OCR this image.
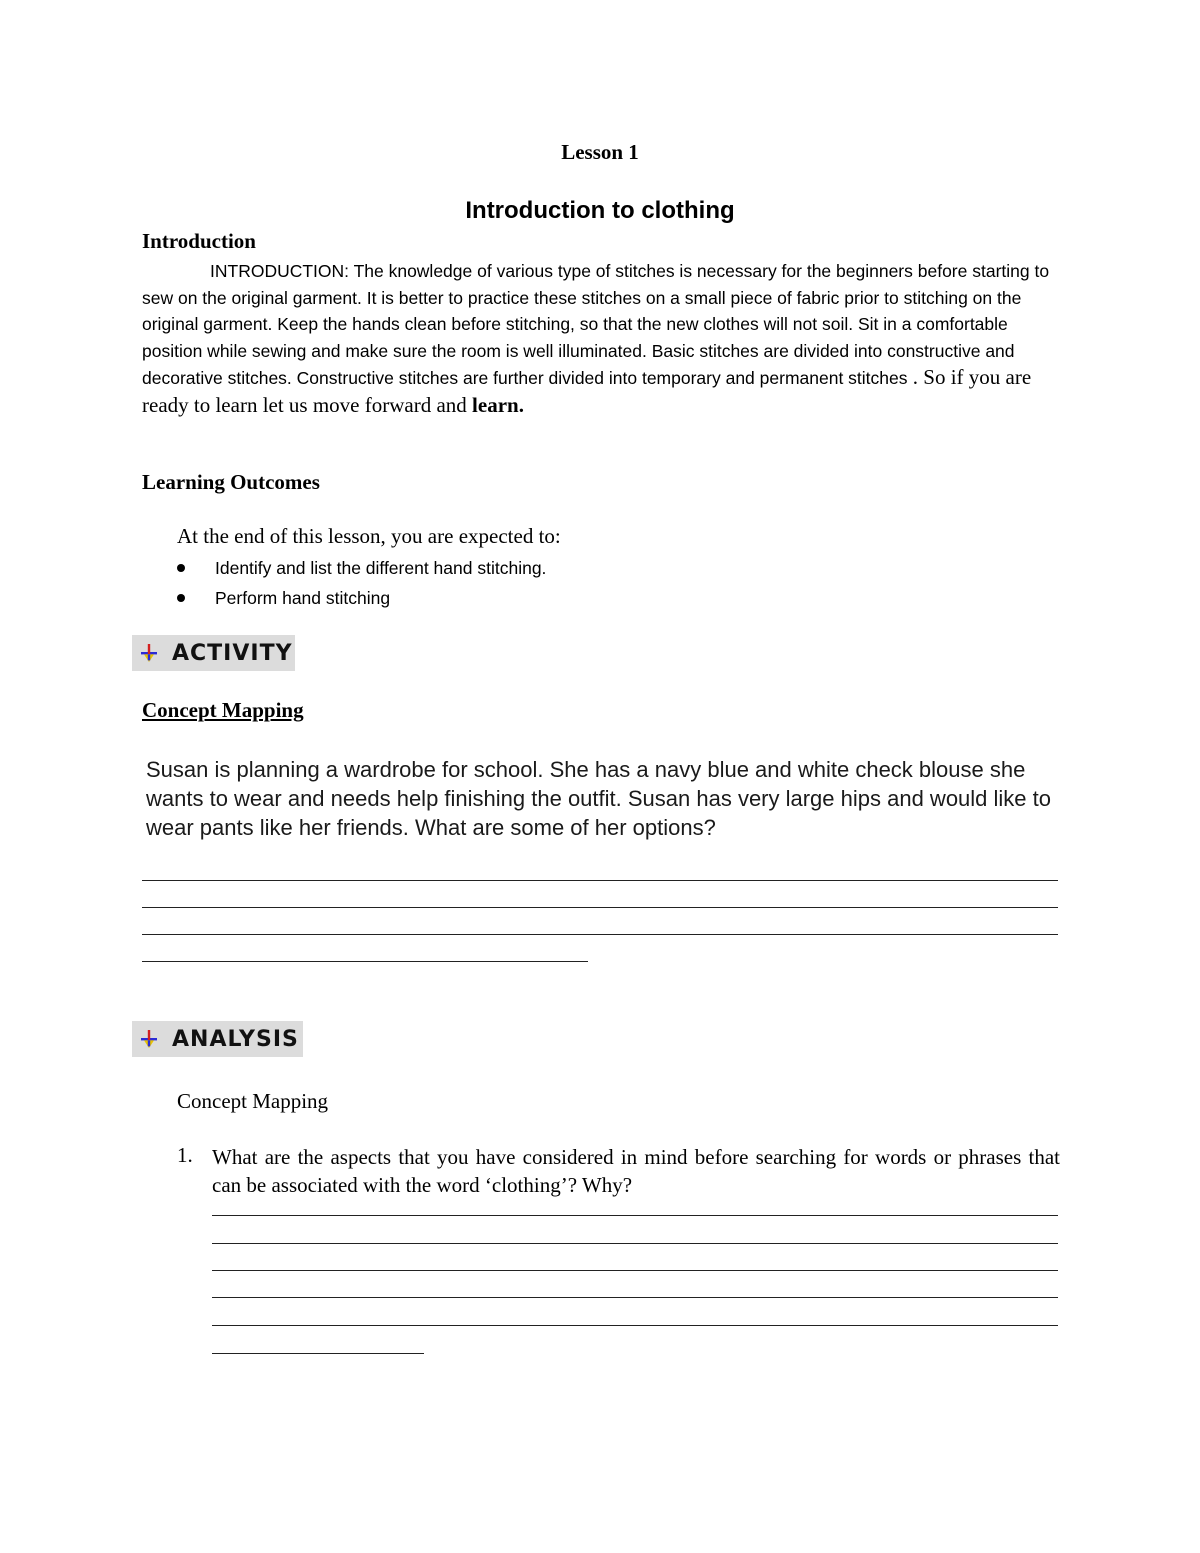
Lesson 1
Introduction to clothing
Introduction
INTRODUCTION: The knowledge of various type of stitches is necessary for the beginners before starting to sew on the original garment. It is better to practice these stitches on a small piece of fabric prior to stitching on the original garment. Keep the hands clean before stitching, so that the new clothes will not soil. Sit in a comfortable position while sewing and make sure the room is well illuminated. Basic stitches are divided into constructive and decorative stitches. Constructive stitches are further divided into temporary and permanent stitches . So if you are ready to learn let us move forward and learn.
Learning Outcomes
At the end of this lesson, you are expected to:
Identify and list the different hand stitching.
Perform hand stitching
ACTIVITY
Concept Mapping
Susan is planning a wardrobe for school. She has a navy blue and white check blouse she wants to wear and needs help finishing the outfit. Susan has very large hips and would like to wear pants like her friends. What are some of her options?
ANALYSIS
Concept Mapping
1. What are the aspects that you have considered in mind before searching for words or phrases that can be associated with the word ‘clothing’? Why?
